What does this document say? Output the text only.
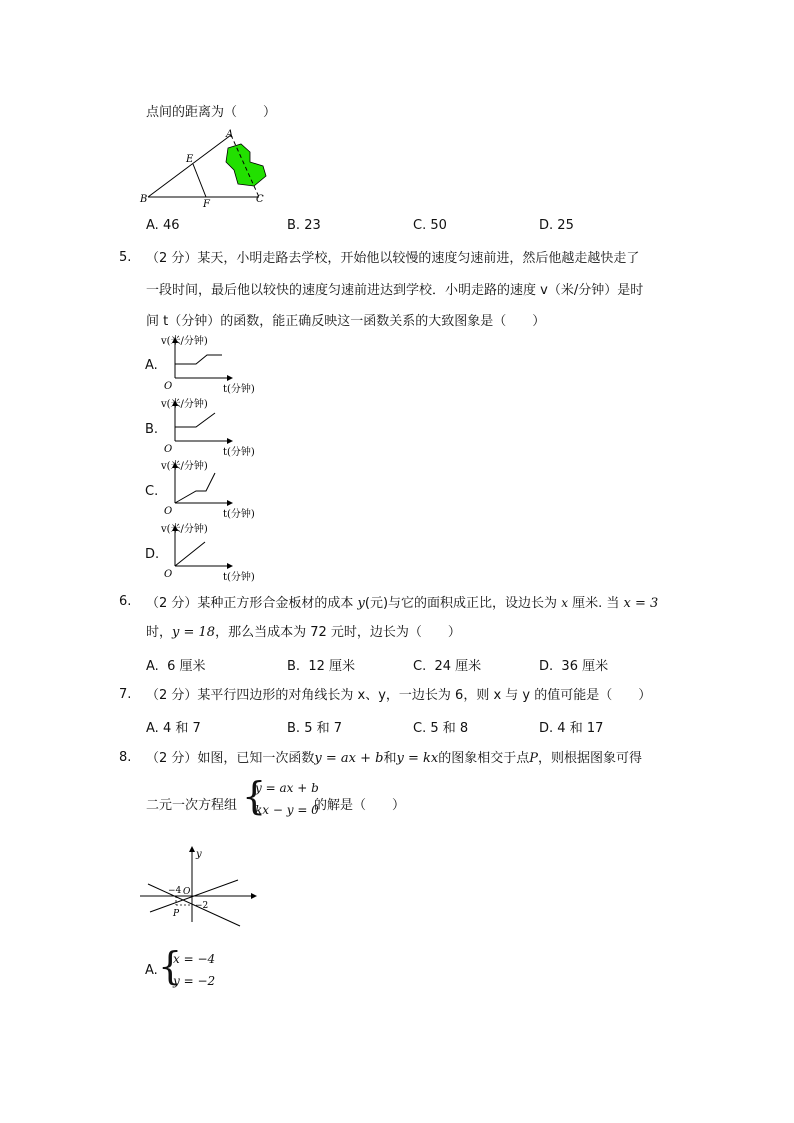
点间的距离为（　　）
A
E
B	F	C
A. 46	B. 23	C. 50	D. 25
5. （2 分）某天，小明走路去学校，开始他以较慢的速度匀速前进，然后他越走越快走了
一段时间，最后他以较快的速度匀速前进达到学校．小明走路的速度 v（米/分钟）是时
间 t（分钟）的函数，能正确反映这一函数关系的大致图象是（　　）
A.
v(米/分钟)
O	t(分钟)
B.
v(米/分钟)
O	t(分钟)
C.
v(米/分钟)
O	t(分钟)
D.
v(米/分钟)
O	t(分钟)
6. （2 分）某种正方形合金板材的成本 y(元)与它的面积成正比，设边长为 x 厘米. 当 x = 3
时，y = 18，那么当成本为 72 元时，边长为（　　）
A. 6 厘米	B. 12 厘米	C. 24 厘米	D. 36 厘米
7. （2 分）某平行四边形的对角线长为 x、y，一边长为 6，则 x 与 y 的值可能是（　　）
A. 4 和 7	B. 5 和 7	C. 5 和 8	D. 4 和 17
8. （2 分）如图，已知一次函数y = ax + b和y = kx的图象相交于点P，则根据图象可得
二元一次方程组 {
y = ax + b
kx − y = 0
的解是（　　）
y
O
−4
−2
P
A. {
x = −4
y = −2
